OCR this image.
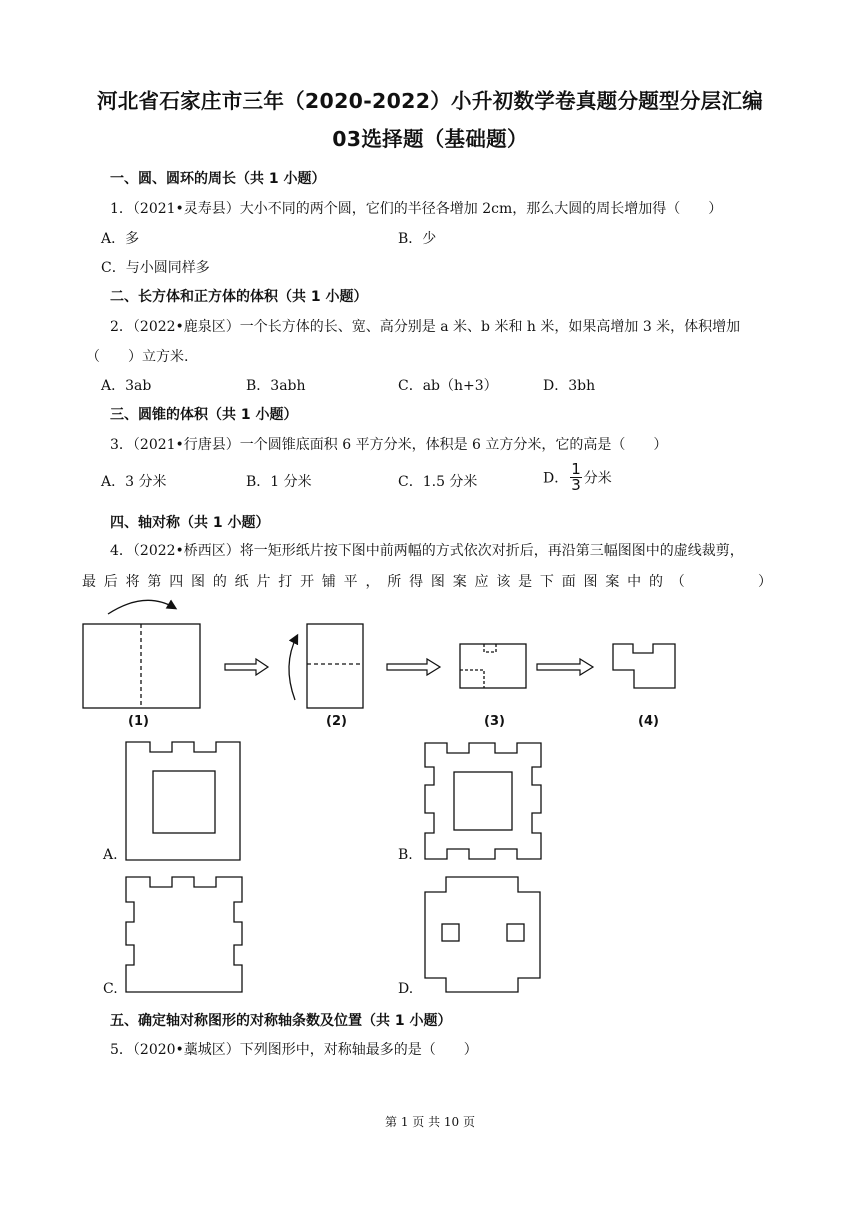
河北省石家庄市三年（2020-2022）小升初数学卷真题分题型分层汇编
03选择题（基础题）
一、圆、圆环的周长（共 1 小题）
1．（2021•灵寿县）大小不同的两个圆，它们的半径各增加 2cm，那么大圆的周长增加得（　　）
A．多	B．少
C．与小圆同样多
二、长方体和正方体的体积（共 1 小题）
2．（2022•鹿泉区）一个长方体的长、宽、高分别是 a 米、b 米和 h 米，如果高增加 3 米，体积增加
（　　）立方米.
A．3ab	B．3abh	C．ab（h+3）	D．3bh
三、圆锥的体积（共 1 小题）
3．（2021•行唐县）一个圆锥底面积 6 平方分米，体积是 6 立方分米，它的高是（　　）
A．3 分米	B．1 分米	C．1.5 分米	D． $\frac{1}{3}$ 分米
四、轴对称（共 1 小题）
4．（2022•桥西区）将一矩形纸片按下图中前两幅的方式依次对折后，再沿第三幅图图中的虚线裁剪，
最后将第四图的纸片打开铺平，所得图案应该是下面图案中的（　　　）
(1)	(2)	(3)	(4)
A.	B.
C.	D.
五、确定轴对称图形的对称轴条数及位置（共 1 小题）
5．（2020•藁城区）下列图形中，对称轴最多的是（　　）
第 1 页 共 10 页
